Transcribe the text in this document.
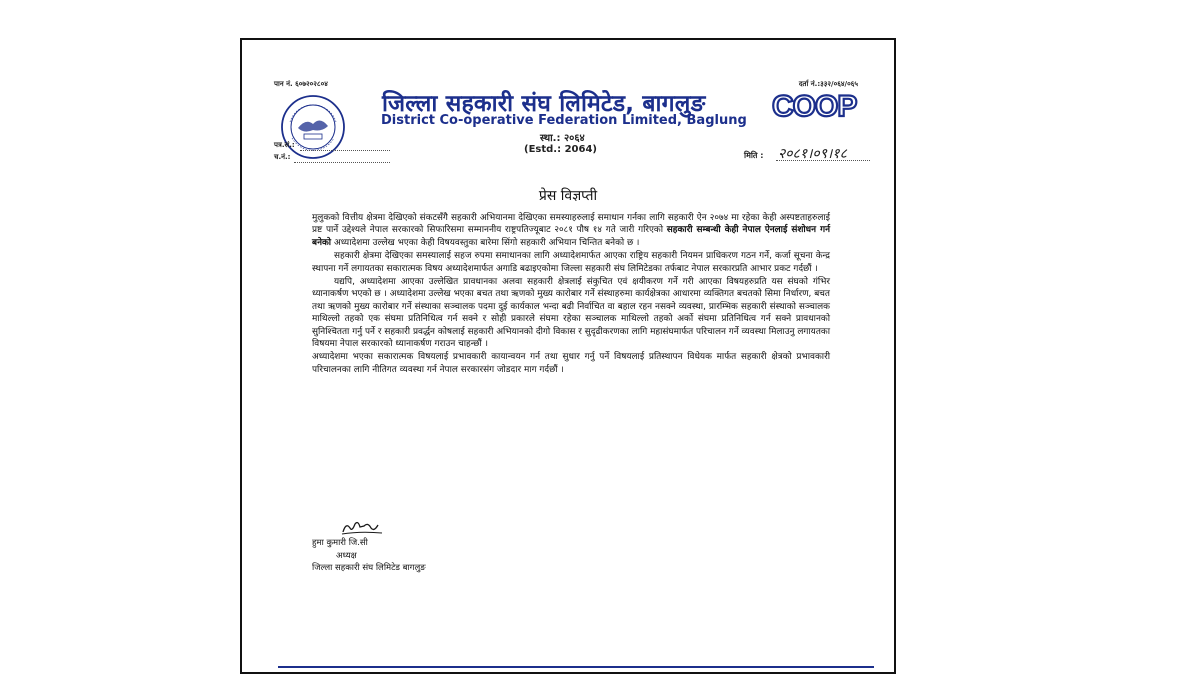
पान नं. ६०७२०२८०४	दर्ता नं.:३३२/०६४/०६५
पत्र.सं.:
च.नं.:
जिल्ला सहकारी संघ लिमिटेड, बागलुङ
District Co-operative Federation Limited, Baglung
स्था.: २०६४
(Estd.: 2064)
COOP
मिति : २०८१।०९।१८
प्रेस विज्ञप्ती

मुलुकको वित्तीय क्षेत्रमा देखिएको संकटसँगै सहकारी अभियानमा देखिएका समस्याहरुलाई समाधान गर्नका लागि सहकारी ऐन २०७४ मा रहेका केही अस्पष्टताहरुलाई प्रष्ट पार्ने उद्देश्यले नेपाल सरकारको सिफारिसमा सम्माननीय राष्ट्रपतिज्यूबाट २०८१ पौष १४ गते जारी गरिएको सहकारी सम्बन्धी केही नेपाल ऐनलाई संशोधन गर्न बनेको अध्यादेशमा उल्लेख भएका केही विषयवस्तुका बारेमा सिंगो सहकारी अभियान चिन्तित बनेको छ ।

सहकारी क्षेत्रमा देखिएका समस्यालाई सहज रुपमा समाधानका लागि अध्यादेशमार्फत आएका राष्ट्रिय सहकारी नियमन प्राधिकरण गठन गर्ने, कर्जा सूचना केन्द्र स्थापना गर्ने लगायतका सकारात्मक विषय अध्यादेशमार्फत अगाडि बढाइएकोमा जिल्ला सहकारी संघ लिमिटेडका तर्फबाट नेपाल सरकारप्रति आभार प्रकट गर्दछौं ।

यद्यपि, अध्यादेशमा आएका उल्लेखित प्रावधानका अलवा सहकारी क्षेत्रलाई संकुचित एवं क्षयीकरण गर्ने गरी आएका विषयहरुप्रति यस संघको गंभिर ध्यानाकर्षण भएको छ । अध्यादेशमा उल्लेख भएका बचत तथा ऋणको मुख्य कारोबार गर्ने संस्थाहरुमा कार्यक्षेत्रका आधारमा व्यक्तिगत बचतको सिमा निर्धारण, बचत तथा ऋणको मुख्य कारोबार गर्ने संस्थाका सञ्चालक पदमा दुई कार्यकाल भन्दा बढी निर्वाचित वा बहाल रहन नसक्ने व्यवस्था, प्रारम्भिक सहकारी संस्थाको सञ्चालक माथिल्लो तहको एक संघमा प्रतिनिधित्व गर्न सक्ने र सोही प्रकारले संघमा रहेका सञ्चालक माथिल्लो तहको अर्को संघमा प्रतिनिधित्व गर्न सक्ने प्रावधानको सुनिश्चितता गर्नु पर्ने र सहकारी प्रवर्द्धन कोषलाई सहकारी अभियानको दीगो विकास र सुदृढीकरणका लागि महासंघमार्फत परिचालन गर्ने व्यवस्था मिलाउनु लगायतका विषयमा नेपाल सरकारको ध्यानाकर्षण गराउन चाहन्छौं ।

अध्यादेशमा भएका सकारात्मक विषयलाई प्रभावकारी कायान्वयन गर्न तथा सुधार गर्नु पर्ने विषयलाई प्रतिस्थापन विधेयक मार्फत सहकारी क्षेत्रको प्रभावकारी परिचालनका लागि नीतिगत व्यवस्था गर्न नेपाल सरकारसंग जोडदार माग गर्दछौं ।

हुमा कुमारी जि.सी
अध्यक्ष
जिल्ला सहकारी संघ लिमिटेड बागलुङ
